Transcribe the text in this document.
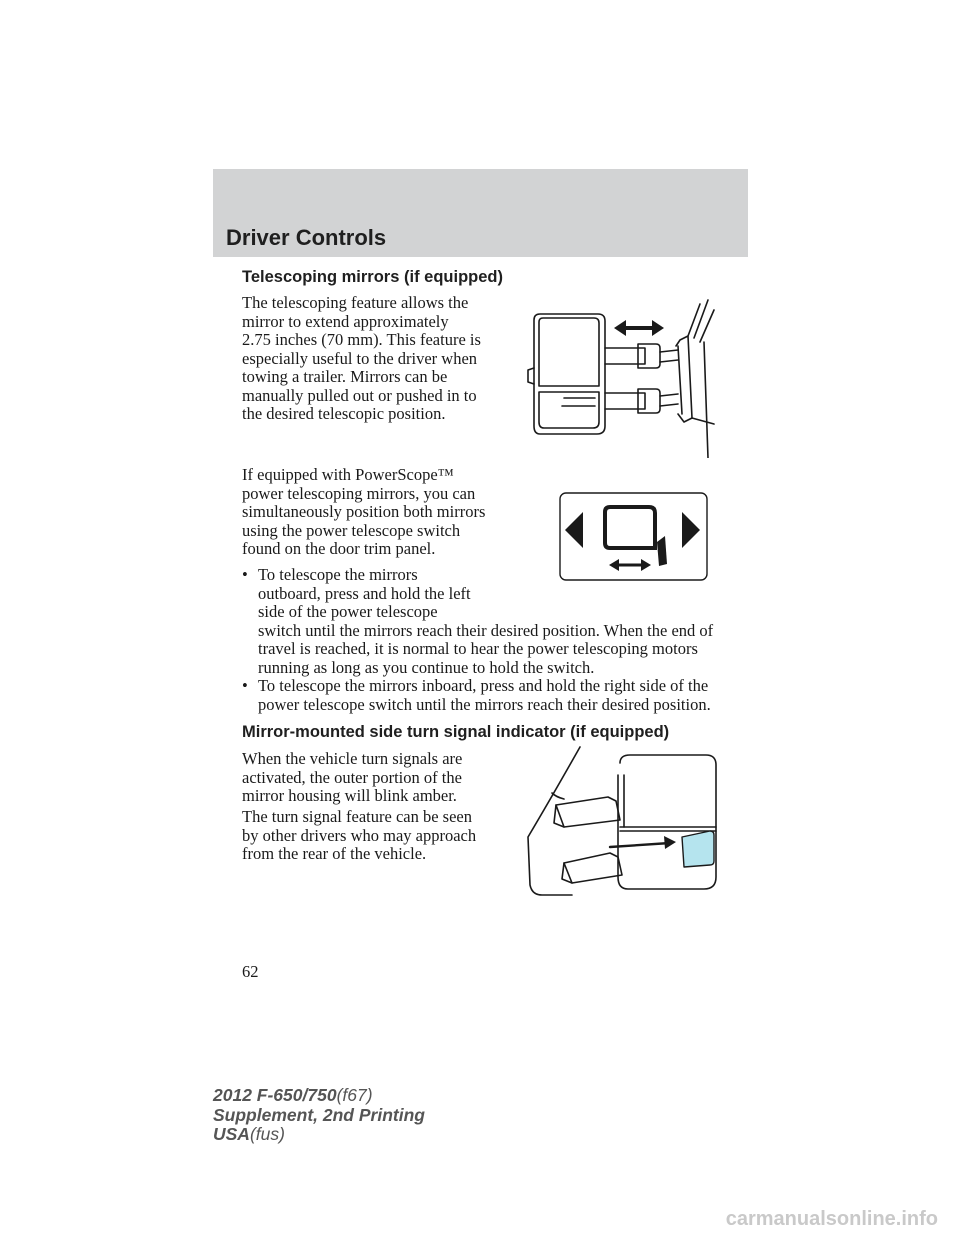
Driver Controls
Telescoping mirrors (if equipped)
The telescoping feature allows the
mirror to extend approximately
2.75 inches (70 mm). This feature is
especially useful to the driver when
towing a trailer. Mirrors can be
manually pulled out or pushed in to
the desired telescopic position.
If equipped with PowerScope™
power telescoping mirrors, you can
simultaneously position both mirrors
using the power telescope switch
found on the door trim panel.
• To telescope the mirrors
outboard, press and hold the left
side of the power telescope
switch until the mirrors reach their desired position. When the end of
travel is reached, it is normal to hear the power telescoping motors
running as long as you continue to hold the switch.
• To telescope the mirrors inboard, press and hold the right side of the
power telescope switch until the mirrors reach their desired position.
Mirror-mounted side turn signal indicator (if equipped)
When the vehicle turn signals are
activated, the outer portion of the
mirror housing will blink amber.
The turn signal feature can be seen
by other drivers who may approach
from the rear of the vehicle.
62
2012 F-650/750(f67)
Supplement, 2nd Printing
USA(fus)
carmanualsonline.info
